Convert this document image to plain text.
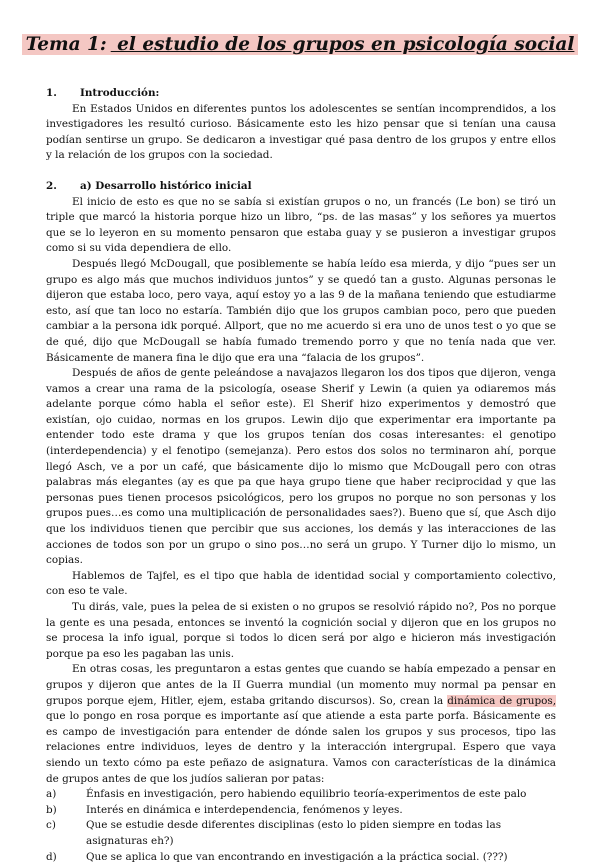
Tema 1: el estudio de los grupos en psicología social
1.	Introducción:

En Estados Unidos en diferentes puntos los adolescentes se sentían incomprendidos, a los investigadores les resultó curioso. Básicamente esto les hizo pensar que si tenían una causa podían sentirse un grupo. Se dedicaron a investigar qué pasa dentro de los grupos y entre ellos y la relación de los grupos con la sociedad.

2.	a) Desarrollo histórico inicial

El inicio de esto es que no se sabía si existían grupos o no, un francés (Le bon) se tiró un triple que marcó la historia porque hizo un libro, “ps. de las masas” y los señores ya muertos que se lo leyeron en su momento pensaron que estaba guay y se pusieron a investigar grupos como si su vida dependiera de ello.

Después llegó McDougall, que posiblemente se había leído esa mierda, y dijo “pues ser un grupo es algo más que muchos individuos juntos” y se quedó tan a gusto. Algunas personas le dijeron que estaba loco, pero vaya, aquí estoy yo a las 9 de la mañana teniendo que estudiarme esto, así que tan loco no estaría. También dijo que los grupos cambian poco, pero que pueden cambiar a la persona idk porqué. Allport, que no me acuerdo si era uno de unos test o yo que se de qué, dijo que McDougall se había fumado tremendo porro y que no tenía nada que ver. Básicamente de manera fina le dijo que era una “falacia de los grupos”.

Después de años de gente peleándose a navajazos llegaron los dos tipos que dijeron, venga vamos a crear una rama de la psicología, osease Sherif y Lewin (a quien ya odiaremos más adelante porque cómo habla el señor este). El Sherif hizo experimentos y demostró que existían, ojo cuidao, normas en los grupos. Lewin dijo que experimentar era importante pa entender todo este drama y que los grupos tenían dos cosas interesantes: el genotipo (interdependencia) y el fenotipo (semejanza). Pero estos dos solos no terminaron ahí, porque llegó Asch, ve a por un café, que básicamente dijo lo mismo que McDougall pero con otras palabras más elegantes (ay es que pa que haya grupo tiene que haber reciprocidad y que las personas pues tienen procesos psicológicos, pero los grupos no porque no son personas y los grupos pues…es como una multiplicación de personalidades saes?). Bueno que sí, que Asch dijo que los individuos tienen que percibir que sus acciones, los demás y las interacciones de las acciones de todos son por un grupo o sino pos…no será un grupo. Y Turner dijo lo mismo, un copias.

Hablemos de Tajfel, es el tipo que habla de identidad social y comportamiento colectivo, con eso te vale.

Tu dirás, vale, pues la pelea de si existen o no grupos se resolvió rápido no?, Pos no porque la gente es una pesada, entonces se inventó la cognición social y dijeron que en los grupos no se procesa la info igual, porque si todos lo dicen será por algo e hicieron más investigación porque pa eso les pagaban las unis.

En otras cosas, les preguntaron a estas gentes que cuando se había empezado a pensar en grupos y dijeron que antes de la II Guerra mundial (un momento muy normal pa pensar en grupos porque ejem, Hitler, ejem, estaba gritando discursos). So, crean la dinámica de grupos, que lo pongo en rosa porque es importante así que atiende a esta parte porfa. Básicamente es es campo de investigación para entender de dónde salen los grupos y sus procesos, tipo las relaciones entre individuos, leyes de dentro y la interacción intergrupal. Espero que vaya siendo un texto cómo pa este peñazo de asignatura. Vamos con características de la dinámica de grupos antes de que los judíos salieran por patas:

a)	Énfasis en investigación, pero habiendo equilibrio teoría-experimentos de este palo
b)	Interés en dinámica e interdependencia, fenómenos y leyes.
c)	Que se estudie desde diferentes disciplinas (esto lo piden siempre en todas las asignaturas eh?)
d)	Que se aplica lo que van encontrando en investigación a la práctica social. (???)
